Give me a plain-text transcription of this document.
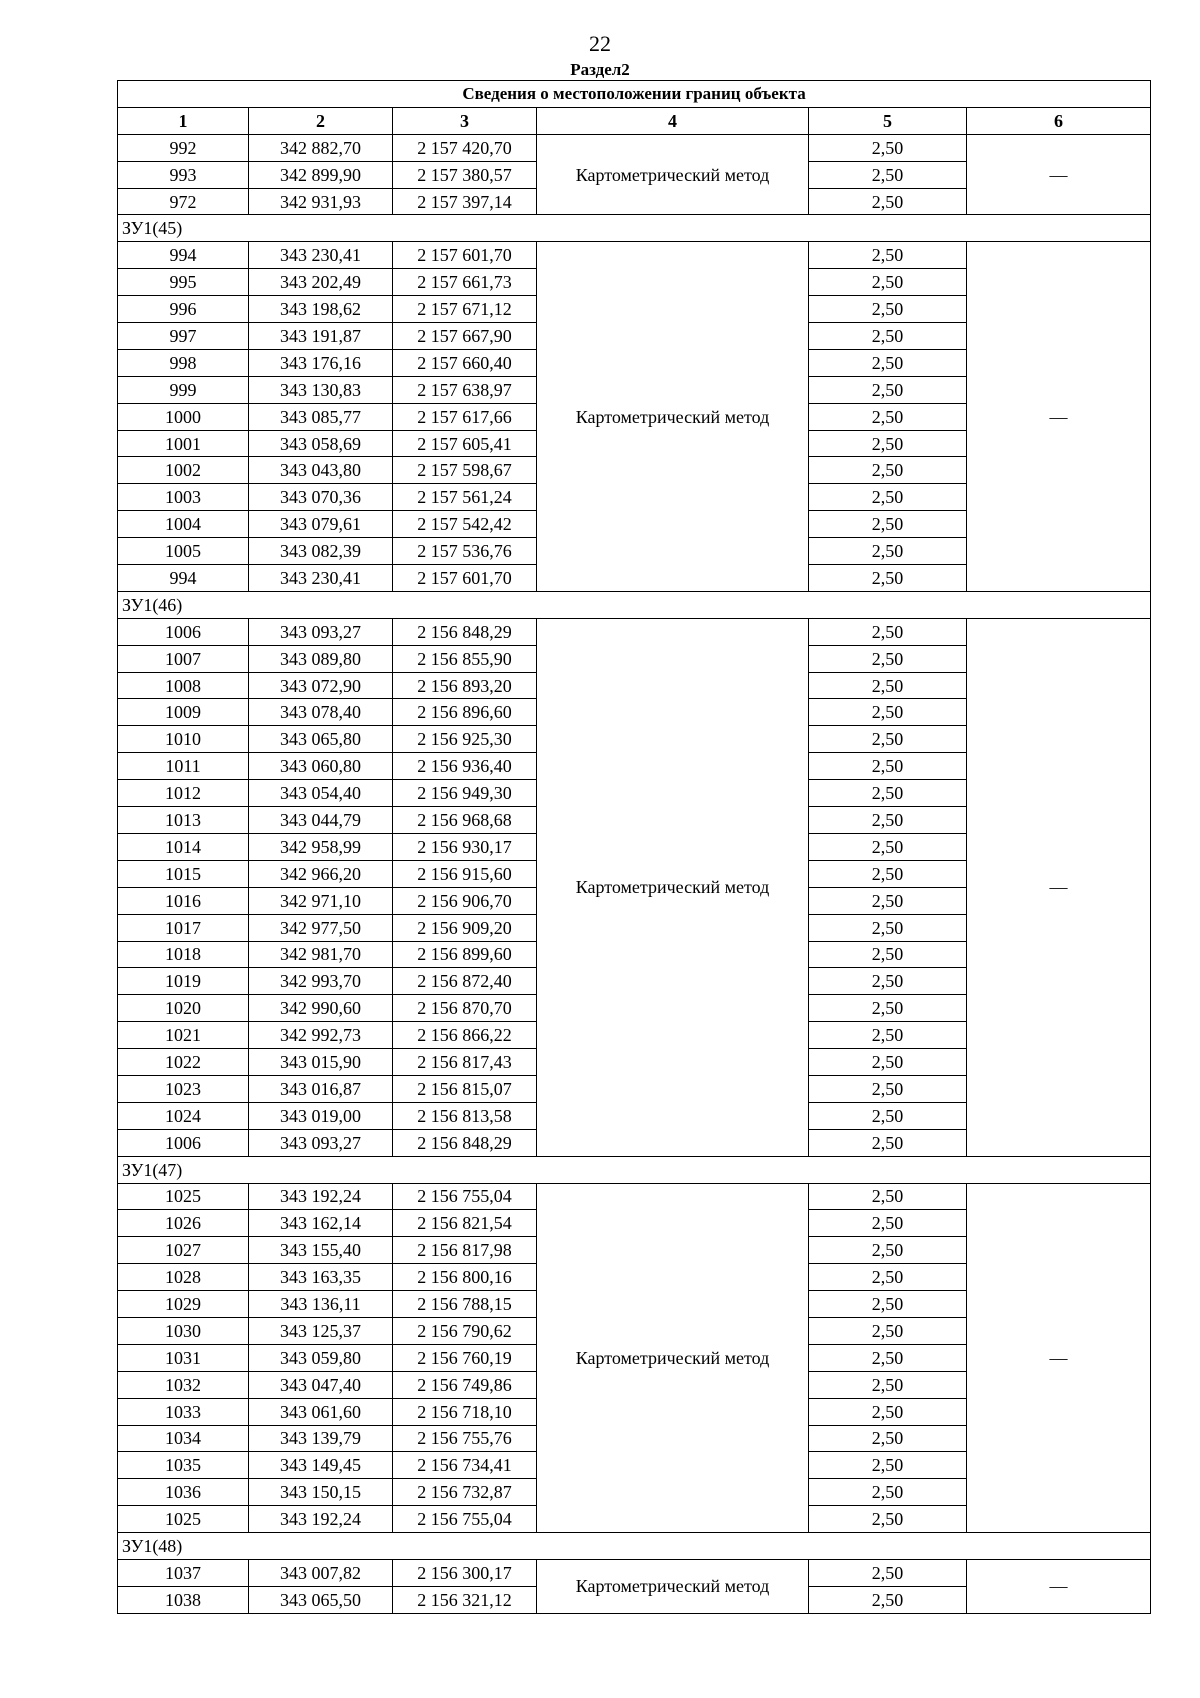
22
Раздел2
Сведения о местоположении границ объекта					
1	2	3	4	5	6
992	342 882,70	2 157 420,70	Картометрический метод	2,50	—
993	342 899,90	2 157 380,57		2,50	
972	342 931,93	2 157 397,14		2,50	
ЗУ1(45)					
994	343 230,41	2 157 601,70	Картометрический метод	2,50	—
995	343 202,49	2 157 661,73		2,50	
996	343 198,62	2 157 671,12		2,50	
997	343 191,87	2 157 667,90		2,50	
998	343 176,16	2 157 660,40		2,50	
999	343 130,83	2 157 638,97		2,50	
1000	343 085,77	2 157 617,66		2,50	
1001	343 058,69	2 157 605,41		2,50	
1002	343 043,80	2 157 598,67		2,50	
1003	343 070,36	2 157 561,24		2,50	
1004	343 079,61	2 157 542,42		2,50	
1005	343 082,39	2 157 536,76		2,50	
994	343 230,41	2 157 601,70		2,50	
ЗУ1(46)					
1006	343 093,27	2 156 848,29	Картометрический метод	2,50	—
1007	343 089,80	2 156 855,90		2,50	
1008	343 072,90	2 156 893,20		2,50	
1009	343 078,40	2 156 896,60		2,50	
1010	343 065,80	2 156 925,30		2,50	
1011	343 060,80	2 156 936,40		2,50	
1012	343 054,40	2 156 949,30		2,50	
1013	343 044,79	2 156 968,68		2,50	
1014	342 958,99	2 156 930,17		2,50	
1015	342 966,20	2 156 915,60		2,50	
1016	342 971,10	2 156 906,70		2,50	
1017	342 977,50	2 156 909,20		2,50	
1018	342 981,70	2 156 899,60		2,50	
1019	342 993,70	2 156 872,40		2,50	
1020	342 990,60	2 156 870,70		2,50	
1021	342 992,73	2 156 866,22		2,50	
1022	343 015,90	2 156 817,43		2,50	
1023	343 016,87	2 156 815,07		2,50	
1024	343 019,00	2 156 813,58		2,50	
1006	343 093,27	2 156 848,29		2,50	
ЗУ1(47)					
1025	343 192,24	2 156 755,04	Картометрический метод	2,50	—
1026	343 162,14	2 156 821,54		2,50	
1027	343 155,40	2 156 817,98		2,50	
1028	343 163,35	2 156 800,16		2,50	
1029	343 136,11	2 156 788,15		2,50	
1030	343 125,37	2 156 790,62		2,50	
1031	343 059,80	2 156 760,19		2,50	
1032	343 047,40	2 156 749,86		2,50	
1033	343 061,60	2 156 718,10		2,50	
1034	343 139,79	2 156 755,76		2,50	
1035	343 149,45	2 156 734,41		2,50	
1036	343 150,15	2 156 732,87		2,50	
1025	343 192,24	2 156 755,04		2,50	
ЗУ1(48)					
1037	343 007,82	2 156 300,17	Картометрический метод	2,50	—
1038	343 065,50	2 156 321,12		2,50	
